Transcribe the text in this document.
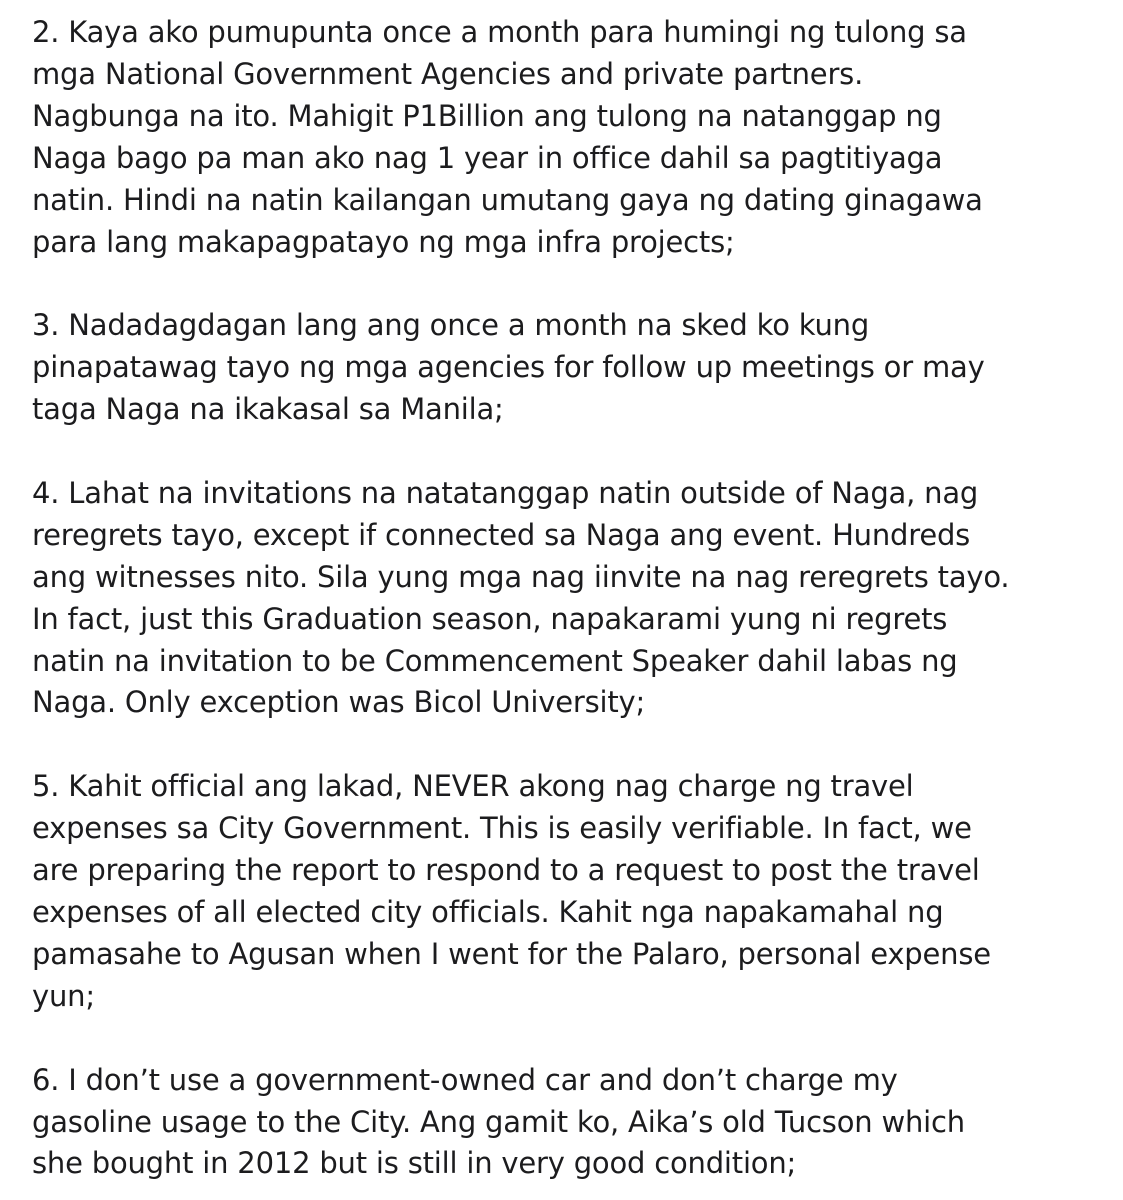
2. Kaya ako pumupunta once a month para humingi ng tulong sa
mga National Government Agencies and private partners.
Nagbunga na ito. Mahigit P1Billion ang tulong na natanggap ng
Naga bago pa man ako nag 1 year in office dahil sa pagtitiyaga
natin. Hindi na natin kailangan umutang gaya ng dating ginagawa
para lang makapagpatayo ng mga infra projects;

3. Nadadagdagan lang ang once a month na sked ko kung
pinapatawag tayo ng mga agencies for follow up meetings or may
taga Naga na ikakasal sa Manila;

4. Lahat na invitations na natatanggap natin outside of Naga, nag
reregrets tayo, except if connected sa Naga ang event. Hundreds
ang witnesses nito. Sila yung mga nag iinvite na nag reregrets tayo.
In fact, just this Graduation season, napakarami yung ni regrets
natin na invitation to be Commencement Speaker dahil labas ng
Naga. Only exception was Bicol University;

5. Kahit official ang lakad, NEVER akong nag charge ng travel
expenses sa City Government. This is easily verifiable. In fact, we
are preparing the report to respond to a request to post the travel
expenses of all elected city officials. Kahit nga napakamahal ng
pamasahe to Agusan when I went for the Palaro, personal expense
yun;

6. I don’t use a government-owned car and don’t charge my
gasoline usage to the City. Ang gamit ko, Aika’s old Tucson which
she bought in 2012 but is still in very good condition;
